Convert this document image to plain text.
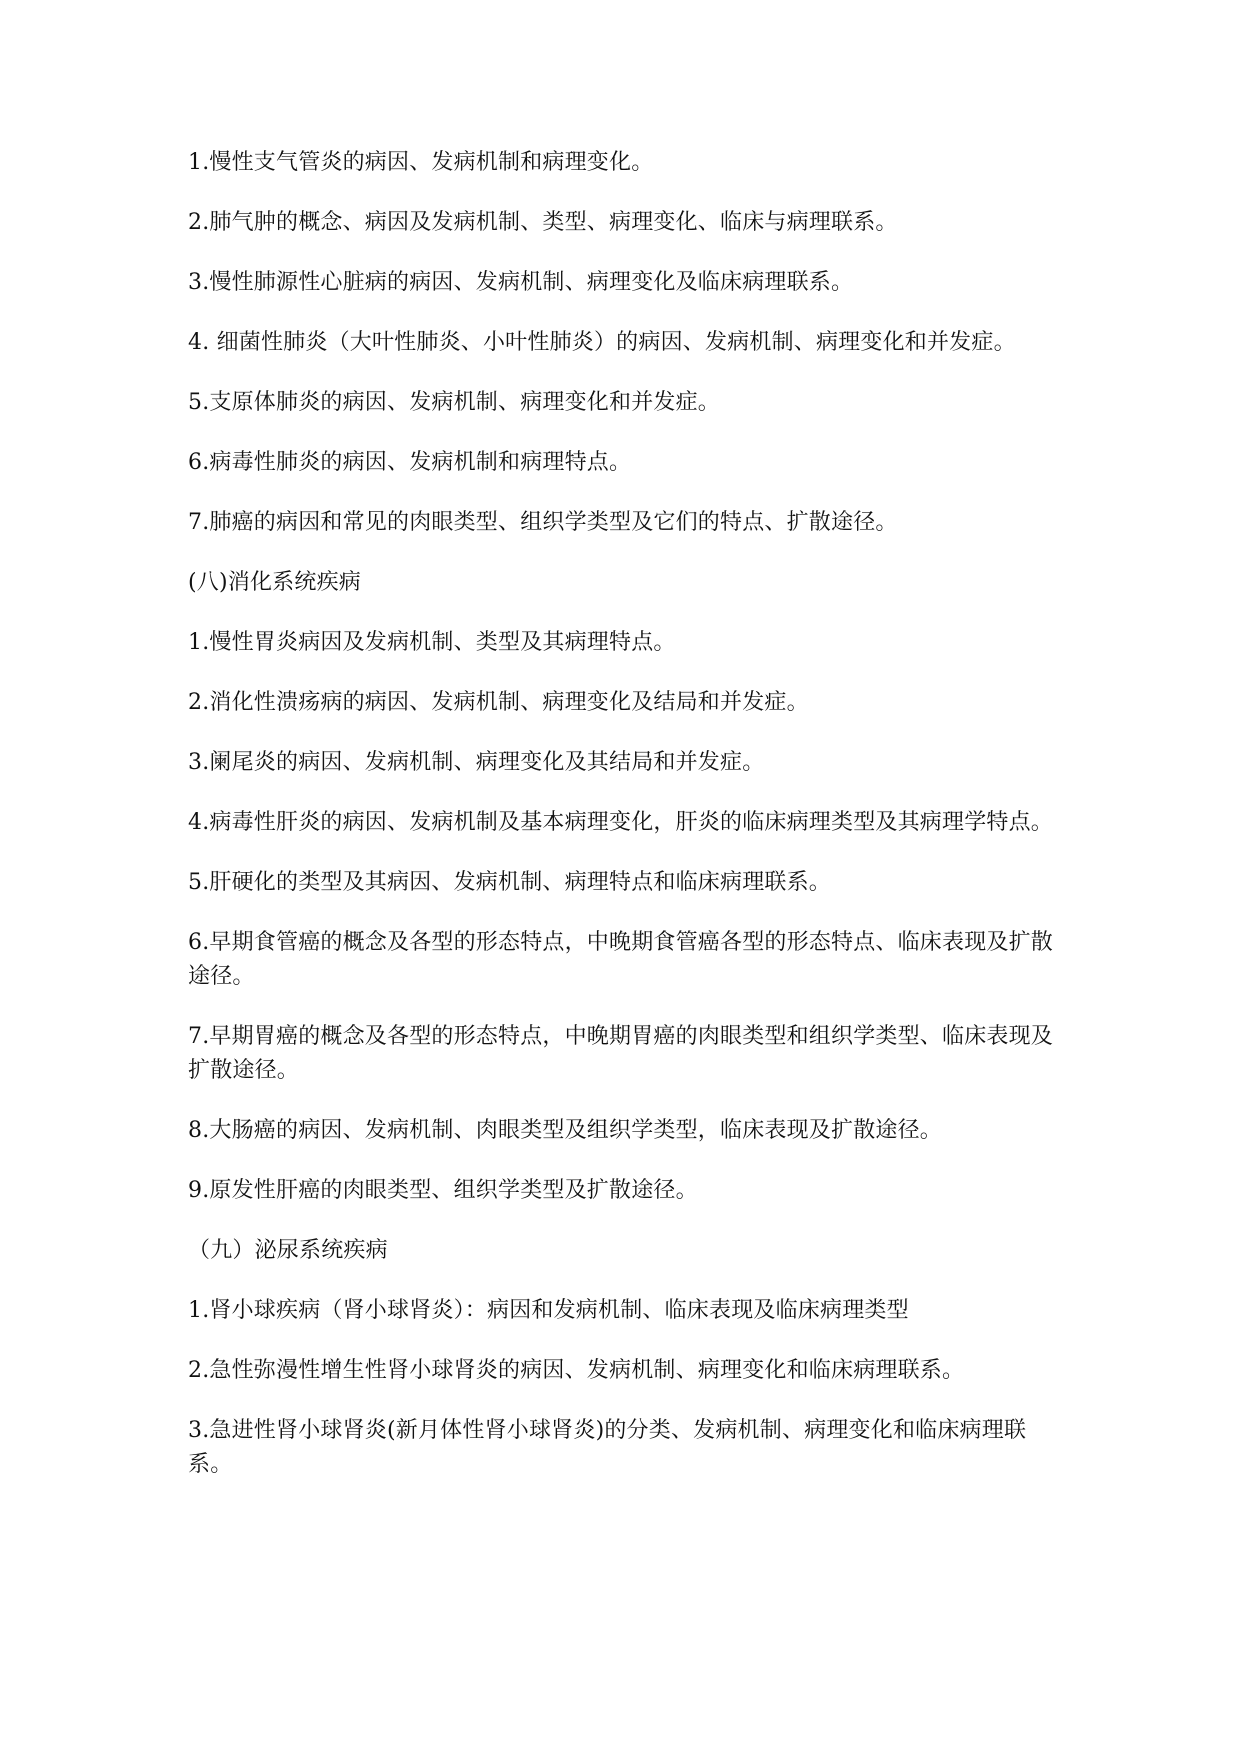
1.慢性支气管炎的病因、发病机制和病理变化。

2.肺气肿的概念、病因及发病机制、类型、病理变化、临床与病理联系。

3.慢性肺源性心脏病的病因、发病机制、病理变化及临床病理联系。

4. 细菌性肺炎（大叶性肺炎、小叶性肺炎）的病因、发病机制、病理变化和并发症。

5.支原体肺炎的病因、发病机制、病理变化和并发症。

6.病毒性肺炎的病因、发病机制和病理特点。

7.肺癌的病因和常见的肉眼类型、组织学类型及它们的特点、扩散途径。

(八)消化系统疾病

1.慢性胃炎病因及发病机制、类型及其病理特点。

2.消化性溃疡病的病因、发病机制、病理变化及结局和并发症。

3.阑尾炎的病因、发病机制、病理变化及其结局和并发症。

4.病毒性肝炎的病因、发病机制及基本病理变化，肝炎的临床病理类型及其病理学特点。

5.肝硬化的类型及其病因、发病机制、病理特点和临床病理联系。

6.早期食管癌的概念及各型的形态特点，中晚期食管癌各型的形态特点、临床表现及扩散途径。

7.早期胃癌的概念及各型的形态特点，中晚期胃癌的肉眼类型和组织学类型、临床表现及扩散途径。

8.大肠癌的病因、发病机制、肉眼类型及组织学类型，临床表现及扩散途径。

9.原发性肝癌的肉眼类型、组织学类型及扩散途径。

（九）泌尿系统疾病

1.肾小球疾病（肾小球肾炎）：病因和发病机制、临床表现及临床病理类型

2.急性弥漫性增生性肾小球肾炎的病因、发病机制、病理变化和临床病理联系。

3.急进性肾小球肾炎(新月体性肾小球肾炎)的分类、发病机制、病理变化和临床病理联系。
